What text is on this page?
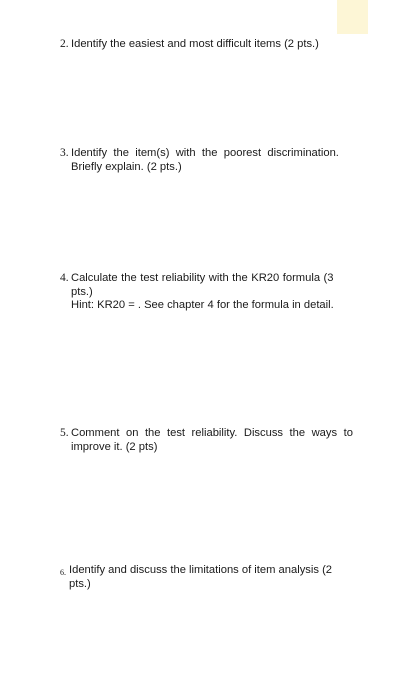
2. Identify the easiest and most difficult items (2 pts.)
3. Identify the item(s) with the poorest discrimination.
Briefly explain. (2 pts.)
4. Calculate the test reliability with the KR20 formula (3
pts.)
Hint: KR20 = . See chapter 4 for the formula in detail.
5. Comment on the test reliability. Discuss the ways to
improve it. (2 pts)
6. Identify and discuss the limitations of item analysis (2
pts.)
